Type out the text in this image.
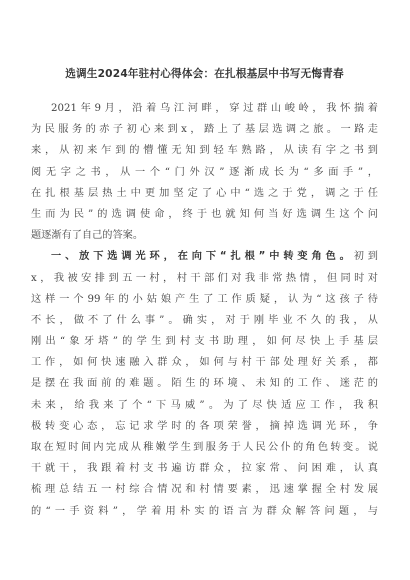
选调生2024年驻村心得体会：在扎根基层中书写无悔青春
2021年9月，沿着乌江河畔，穿过群山峻岭，我怀揣着
为民服务的赤子初心来到x，踏上了基层选调之旅。一路走
来，从初来乍到的懵懂无知到轻车熟路，从读有字之书到
阅无字之书，从一个“门外汉”逐渐成长为“多面手”，
在扎根基层热土中更加坚定了心中“选之于党，调之于任
生而为民”的选调使命，终于也就知何当好选调生这个问
题逐渐有了自己的答案。
一、放下选调光环，在向下“扎根”中转变角色。初到
x，我被安排到五一村，村干部们对我非常热情，但同时对
这样一个99年的小姑娘产生了工作质疑，认为“这孩子待
不长，做不了什么事”。确实，对于刚毕业不久的我，从
刚出“象牙塔”的学生到村支书助理，如何尽快上手基层
工作，如何快速融入群众，如何与村干部处理好关系，都
是摆在我面前的难题。陌生的环境、未知的工作、迷茫的
未来，给我来了个“下马威”。为了尽快适应工作，我积
极转变心态，忘记求学时的各项荣誉，摘掉选调光环，争
取在短时间内完成从稚嫩学生到服务于人民公仆的角色转变。说
干就干，我跟着村支书遍访群众，拉家常、问困难，认真
梳理总结五一村综合情况和村情要素，迅速掌握全村发展
的“一手资料”，学着用朴实的语言为群众解答问题，与
